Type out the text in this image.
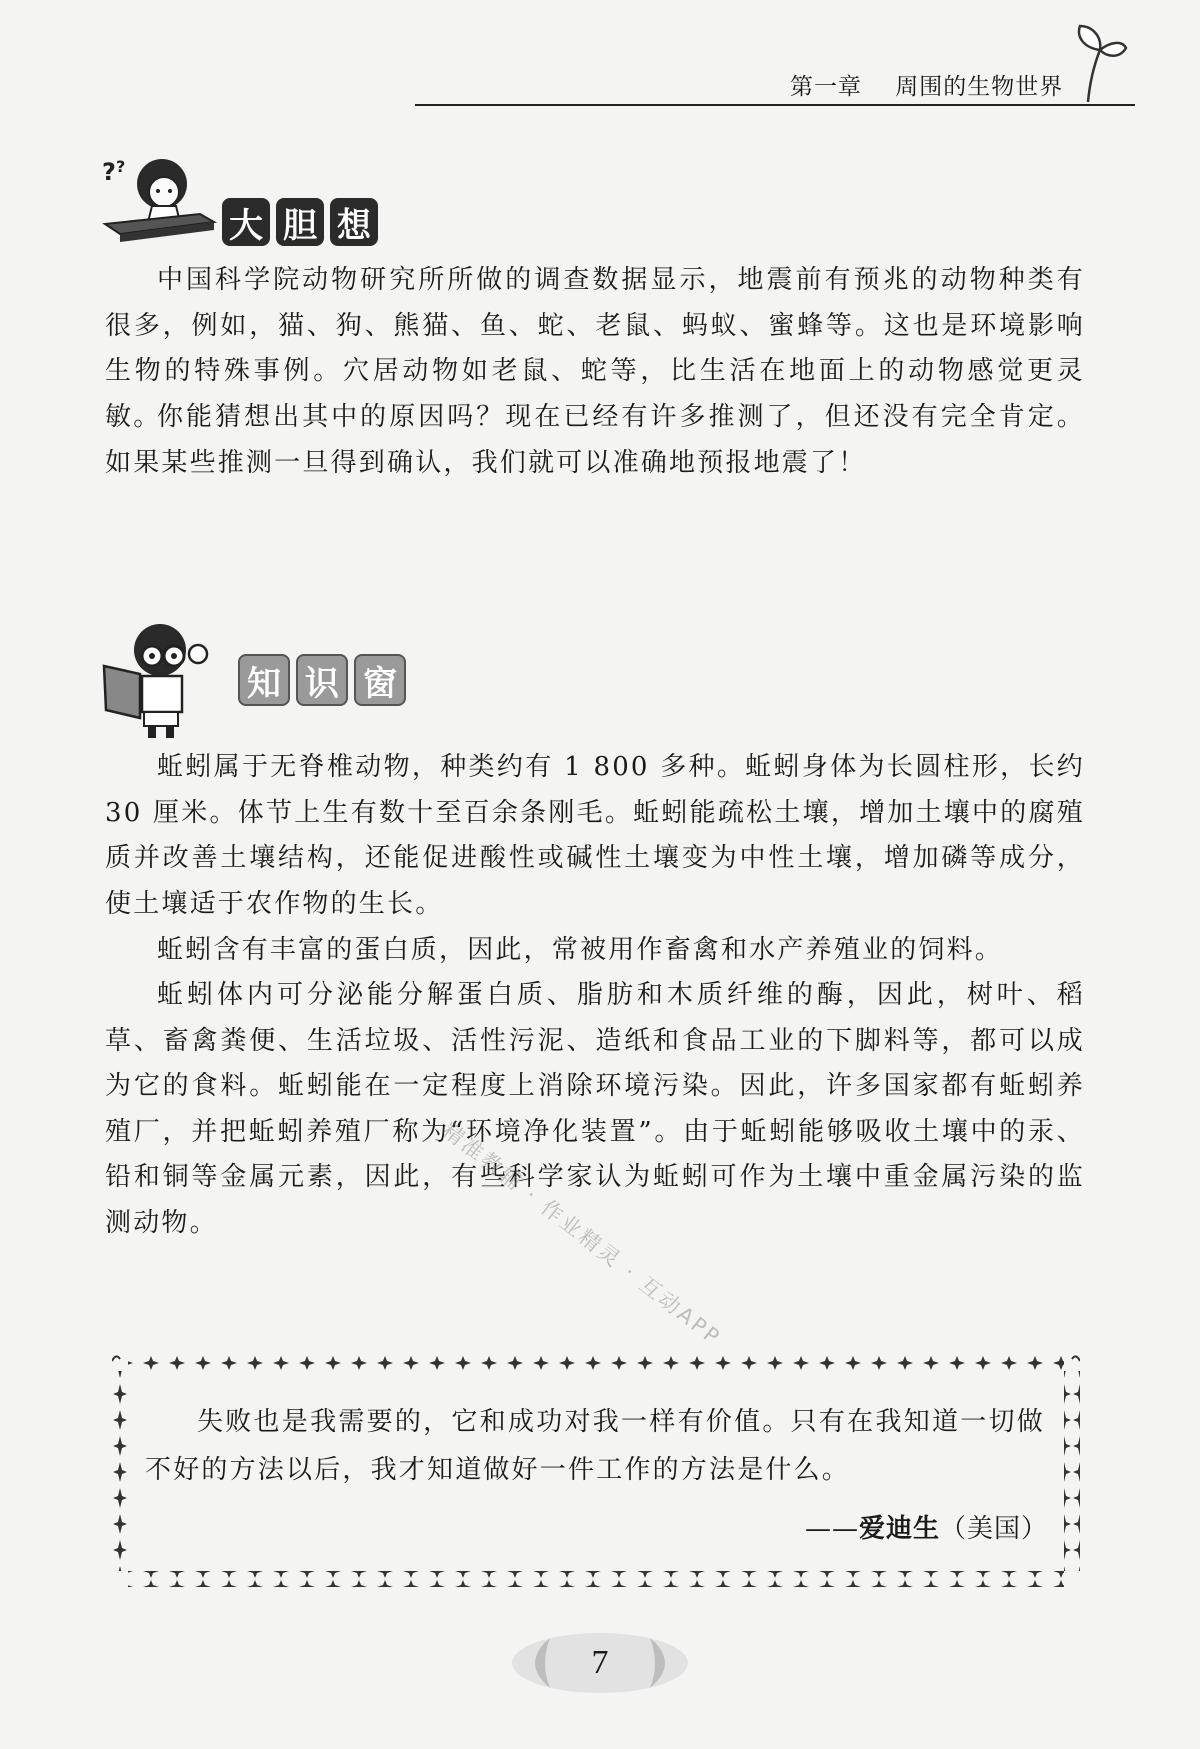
第一章 周围的生物世界
? ?
大 胆 想

中国科学院动物研究所所做的调查数据显示，地震前有预兆的动物种类有很多，例如，猫、狗、熊猫、鱼、蛇、老鼠、蚂蚁、蜜蜂等。这也是环境影响生物的特殊事例。穴居动物如老鼠、蛇等，比生活在地面上的动物感觉更灵敏。

你能猜想出其中的原因吗？现在已经有许多推测了，但还没有完全肯定。如果某些推测一旦得到确认，我们就可以准确地预报地震了！

知 识 窗

蚯蚓属于无脊椎动物，种类约有 1 800 多种。蚯蚓身体为长圆柱形，长约 30 厘米。体节上生有数十至百余条刚毛。蚯蚓能疏松土壤，增加土壤中的腐殖质并改善土壤结构，还能促进酸性或碱性土壤变为中性土壤，增加磷等成分，使土壤适于农作物的生长。

蚯蚓含有丰富的蛋白质，因此，常被用作畜禽和水产养殖业的饲料。

蚯蚓体内可分泌能分解蛋白质、脂肪和木质纤维的酶，因此，树叶、稻草、畜禽粪便、生活垃圾、活性污泥、造纸和食品工业的下脚料等，都可以成为它的食料。蚯蚓能在一定程度上消除环境污染。因此，许多国家都有蚯蚓养殖厂，并把蚯蚓养殖厂称为“环境净化装置”。由于蚯蚓能够吸收土壤中的汞、铅和铜等金属元素，因此，有些科学家认为蚯蚓可作为土壤中重金属污染的监测动物。	精准教辅 · 作业精灵 · 互动APP

失败也是我需要的，它和成功对我一样有价值。只有在我知道一切做不好的方法以后，我才知道做好一件工作的方法是什么。

——爱迪生（美国）
7
